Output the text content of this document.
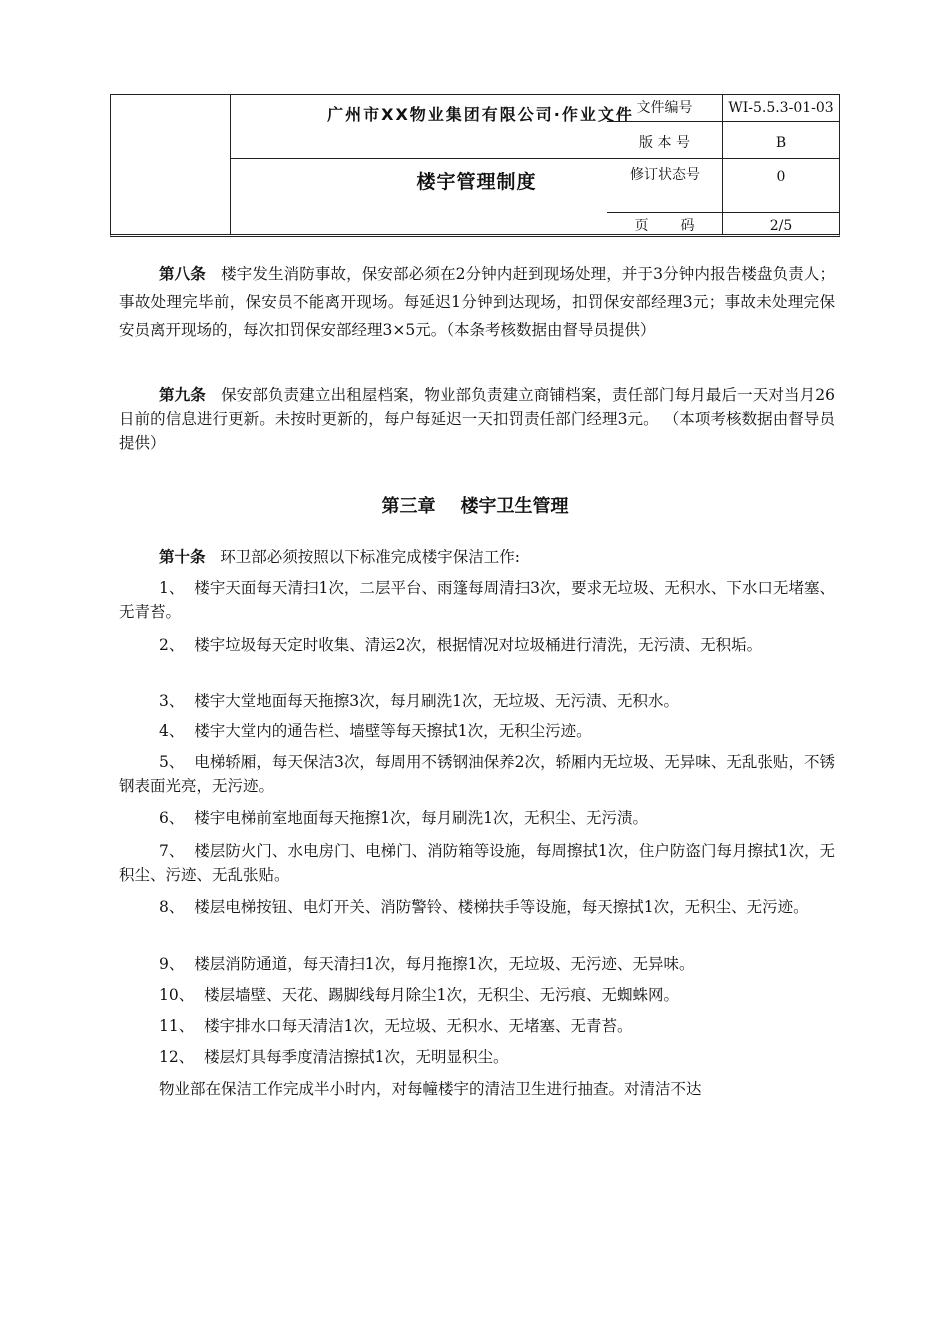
广州市XX物业集团有限公司·作业文件
楼宇管理制度
文件编号
版 本 号
修订状态号
页 码
WI-5.5.3-01-03
B
0
2/5
第八条 楼宇发生消防事故，保安部必须在2分钟内赶到现场处理，并于3分钟内报告楼盘负责人；事故处理完毕前，保安员不能离开现场。每延迟1分钟到达现场，扣罚保安部经理3元；事故未处理完保安员离开现场的，每次扣罚保安部经理3×5元。（本条考核数据由督导员提供）
第九条 保安部负责建立出租屋档案，物业部负责建立商铺档案，责任部门每月最后一天对当月26日前的信息进行更新。未按时更新的，每户每延迟一天扣罚责任部门经理3元。 （本项考核数据由督导员提供）
第三章    楼宇卫生管理
第十条 环卫部必须按照以下标准完成楼宇保洁工作:
1、  楼宇天面每天清扫1次，二层平台、雨篷每周清扫3次，要求无垃圾、无积水、下水口无堵塞、无青苔。
2、  楼宇垃圾每天定时收集、清运2次，根据情况对垃圾桶进行清洗，无污渍、无积垢。
3、  楼宇大堂地面每天拖擦3次，每月刷洗1次，无垃圾、无污渍、无积水。
4、  楼宇大堂内的通告栏、墙壁等每天擦拭1次，无积尘污迹。
5、  电梯轿厢，每天保洁3次，每周用不锈钢油保养2次，轿厢内无垃圾、无异味、无乱张贴，不锈钢表面光亮，无污迹。
6、  楼宇电梯前室地面每天拖擦1次，每月刷洗1次，无积尘、无污渍。
7、  楼层防火门、水电房门、电梯门、消防箱等设施，每周擦拭1次，住户防盗门每月擦拭1次，无积尘、污迹、无乱张贴。
8、  楼层电梯按钮、电灯开关、消防警铃、楼梯扶手等设施，每天擦拭1次，无积尘、无污迹。
9、  楼层消防通道，每天清扫1次，每月拖擦1次，无垃圾、无污迹、无异味。
10、  楼层墙壁、天花、踢脚线每月除尘1次，无积尘、无污痕、无蜘蛛网。
11、  楼宇排水口每天清洁1次，无垃圾、无积水、无堵塞、无青苔。
12、  楼层灯具每季度清洁擦拭1次，无明显积尘。
物业部在保洁工作完成半小时内，对每幢楼宇的清洁卫生进行抽查。对清洁不达
